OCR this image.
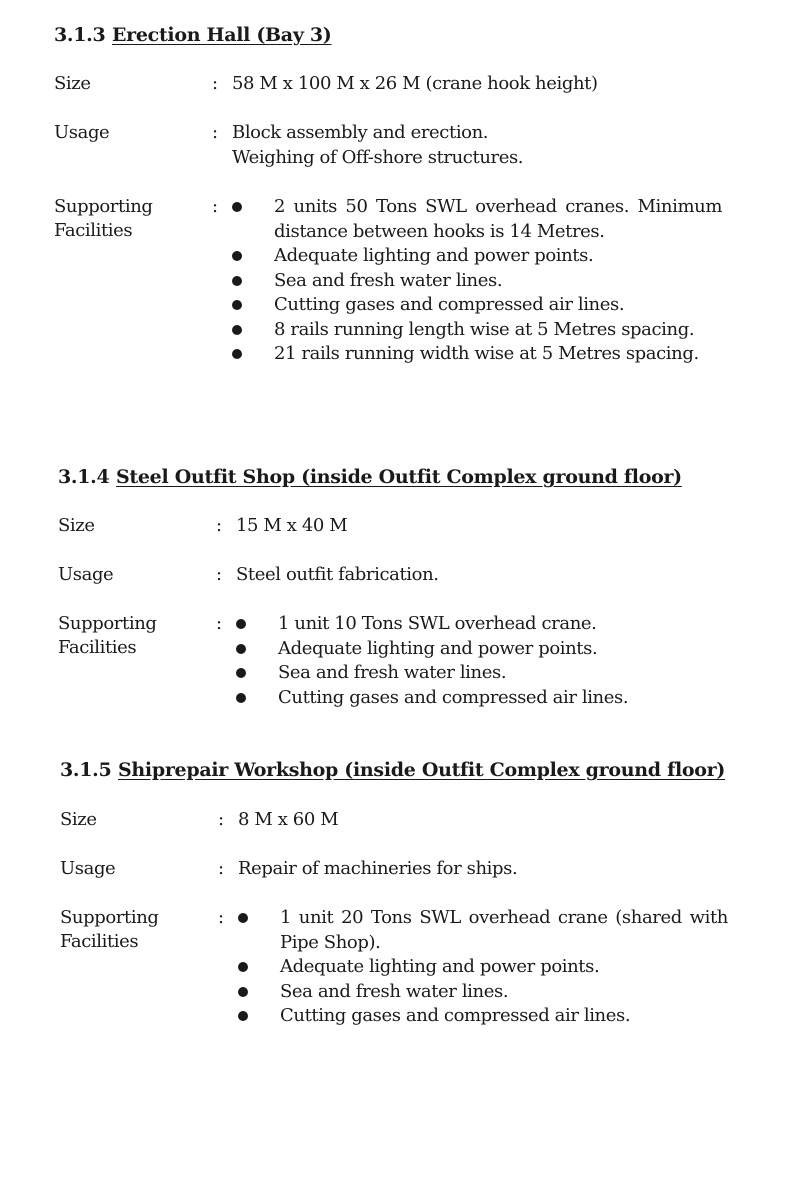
3.1.3 Erection Hall (Bay 3)
Size	: 58 M x 100 M x 26 M (crane hook height)
Usage	: Block assembly and erection.
Weighing of Off-shore structures.
Supporting
Facilities
:	2 units 50 Tons SWL overhead cranes. Minimum distance between hooks is 14 Metres.
Adequate lighting and power points.
Sea and fresh water lines.
Cutting gases and compressed air lines.
8 rails running length wise at 5 Metres spacing.
21 rails running width wise at 5 Metres spacing.
3.1.4 Steel Outfit Shop (inside Outfit Complex ground floor)
Size	: 15 M x 40 M
Usage	: Steel outfit fabrication.
Supporting
Facilities
:	1 unit 10 Tons SWL overhead crane.
Adequate lighting and power points.
Sea and fresh water lines.
Cutting gases and compressed air lines.
3.1.5 Shiprepair Workshop (inside Outfit Complex ground floor)
Size	: 8 M x 60 M
Usage	: Repair of machineries for ships.
Supporting
Facilities
:	1 unit 20 Tons SWL overhead crane (shared with Pipe Shop).
Adequate lighting and power points.
Sea and fresh water lines.
Cutting gases and compressed air lines.
